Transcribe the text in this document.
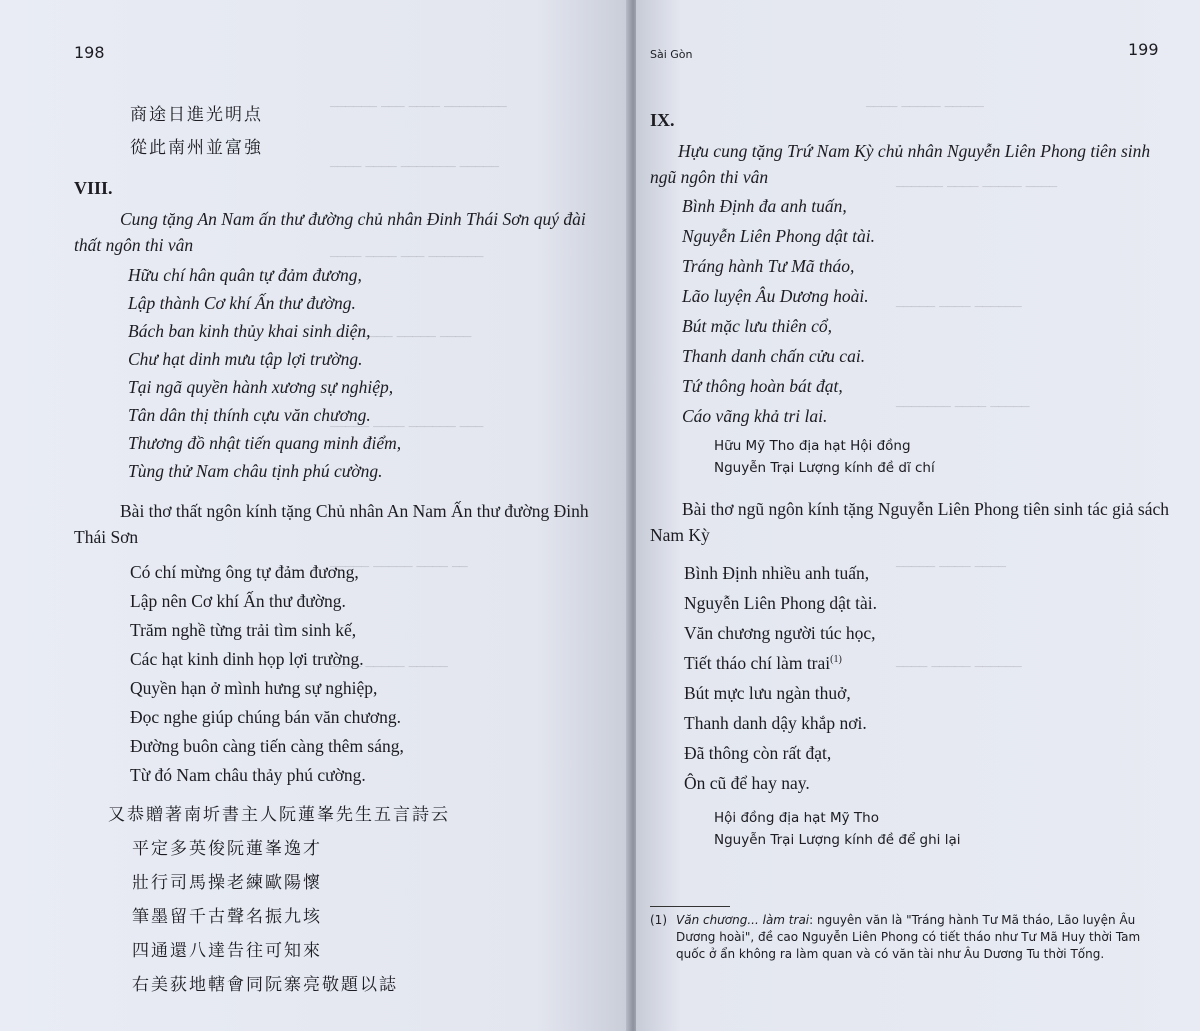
────── ─── ──── ────────
──── ──── ─────── ─────
──── ──── ─── ───────
──────── ───── ────
───── ──── ────── ───
───── ───── ──── ──
──── ───── ─────
198
商途日進光明点
從此南州並富強
VIII.
Cung tặng An Nam ấn thư đường chủ nhân Đinh Thái Sơn quý đài thất ngôn thi vân
Hữu chí hân quân tự đảm đương,
Lập thành Cơ khí Ấn thư đường.
Bách ban kinh thủy khai sinh diện,
Chư hạt dinh mưu tập lợi trường.
Tại ngã quyền hành xương sự nghiệp,
Tân dân thị thính cựu văn chương.
Thương đồ nhật tiến quang minh điểm,
Tùng thử Nam châu tịnh phú cường.
Bài thơ thất ngôn kính tặng Chủ nhân An Nam Ấn thư đường Đinh Thái Sơn
Có chí mừng ông tự đảm đương,
Lập nên Cơ khí Ấn thư đường.
Trăm nghề từng trải tìm sinh kế,
Các hạt kinh dinh họp lợi trường.
Quyền hạn ở mình hưng sự nghiệp,
Đọc nghe giúp chúng bán văn chương.
Đường buôn càng tiến càng thêm sáng,
Từ đó Nam châu thảy phú cường.
又恭贈著南圻書主人阮蓮峯先生五言詩云
平定多英俊阮蓮峯逸才
壯行司馬操老練歐陽懷
筆墨留千古聲名振九垓
四通還八達告往可知來
右美荻地轄會同阮寨亮敬題以誌
──── ───── ─────
────── ──── ───── ────
───── ──── ──────
─────── ──── ─────
───── ──── ────
──── ───── ──────
Sài Gòn	199
IX.
Hựu cung tặng Trứ Nam Kỳ chủ nhân Nguyễn Liên Phong tiên sinh ngũ ngôn thi vân
Bình Định đa anh tuấn,
Nguyễn Liên Phong dật tài.
Tráng hành Tư Mã tháo,
Lão luyện Âu Dương hoài.
Bút mặc lưu thiên cổ,
Thanh danh chấn cửu cai.
Tứ thông hoàn bát đạt,
Cáo vãng khả tri lai.
Hữu Mỹ Tho địa hạt Hội đồng
Nguyễn Trại Lượng kính đề dĩ chí
Bài thơ ngũ ngôn kính tặng Nguyễn Liên Phong tiên sinh tác giả sách Nam Kỳ
Bình Định nhiều anh tuấn,
Nguyễn Liên Phong dật tài.
Văn chương người túc học,
Tiết tháo chí làm trai$^{(1)}$
Bút mực lưu ngàn thuở,
Thanh danh dậy khắp nơi.
Đã thông còn rất đạt,
Ôn cũ để hay nay.
Hội đồng địa hạt Mỹ Tho
Nguyễn Trại Lượng kính đề để ghi lại
(1) Văn chương... làm trai: nguyên văn là "Tráng hành Tư Mã tháo, Lão luyện Âu
Dương hoài", đề cao Nguyễn Liên Phong có tiết tháo như Tư Mã Huy thời Tam
quốc ở ẩn không ra làm quan và có văn tài như Âu Dương Tu thời Tống.
